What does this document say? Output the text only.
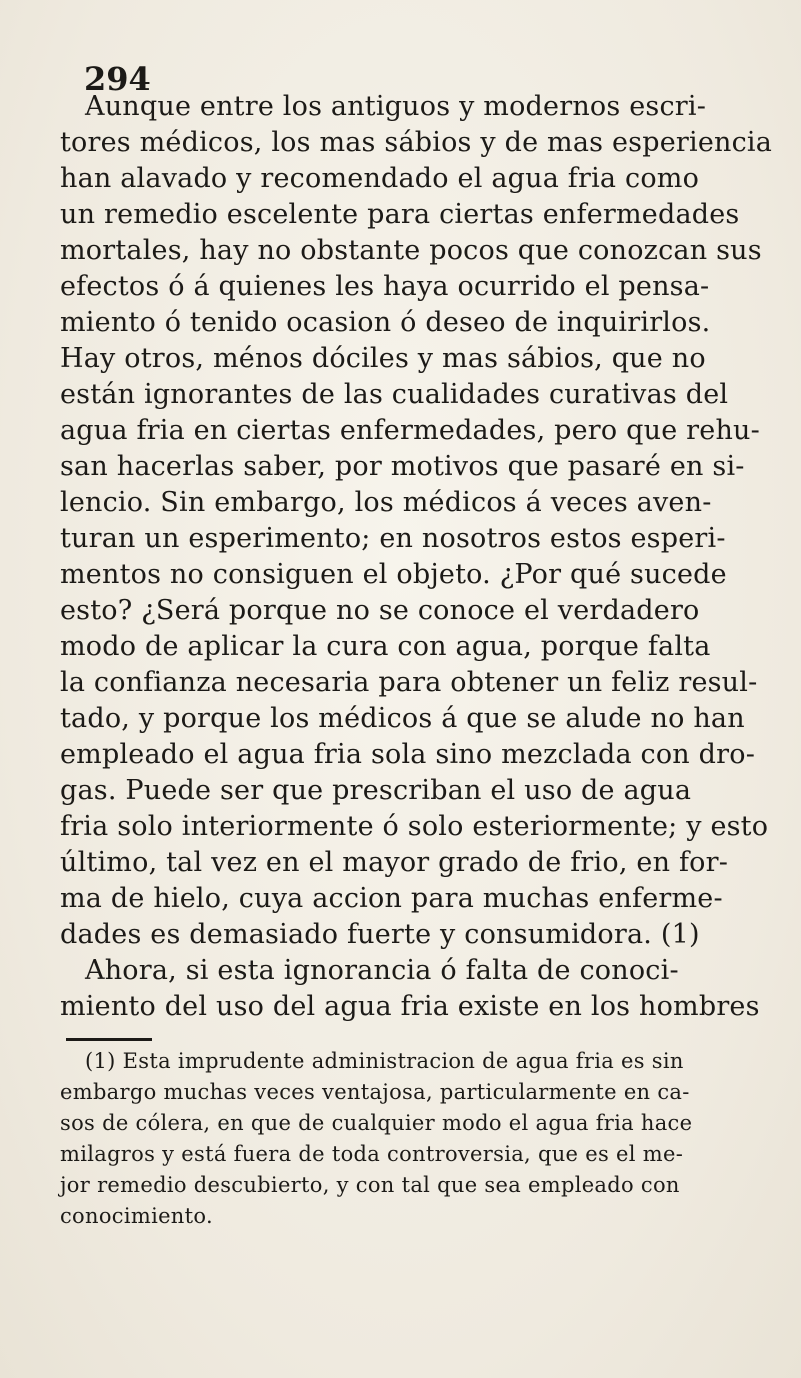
294
Aunque entre los antiguos y modernos escri-
tores médicos, los mas sábios y de mas esperiencia
han alavado y recomendado el agua fria como
un remedio escelente para ciertas enfermedades
mortales, hay no obstante pocos que conozcan sus
efectos ó á quienes les haya ocurrido el pensa-
miento ó tenido ocasion ó deseo de inquirirlos.
Hay otros, ménos dóciles y mas sábios, que no
están ignorantes de las cualidades curativas del
agua fria en ciertas enfermedades, pero que rehu-
san hacerlas saber, por motivos que pasaré en si-
lencio. Sin embargo, los médicos á veces aven-
turan un esperimento; en nosotros estos esperi-
mentos no consiguen el objeto. ¿Por qué sucede
esto? ¿Será porque no se conoce el verdadero
modo de aplicar la cura con agua, porque falta
la confianza necesaria para obtener un feliz resul-
tado, y porque los médicos á que se alude no han
empleado el agua fria sola sino mezclada con dro-
gas. Puede ser que prescriban el uso de agua
fria solo interiormente ó solo esteriormente; y esto
último, tal vez en el mayor grado de frio, en for-
ma de hielo, cuya accion para muchas enferme-
dades es demasiado fuerte y consumidora. (1)
Ahora, si esta ignorancia ó falta de conoci-
miento del uso del agua fria existe en los hombres
(1) Esta imprudente administracion de agua fria es sin
embargo muchas veces ventajosa, particularmente en ca-
sos de cólera, en que de cualquier modo el agua fria hace
milagros y está fuera de toda controversia, que es el me-
jor remedio descubierto, y con tal que sea empleado con
conocimiento.
